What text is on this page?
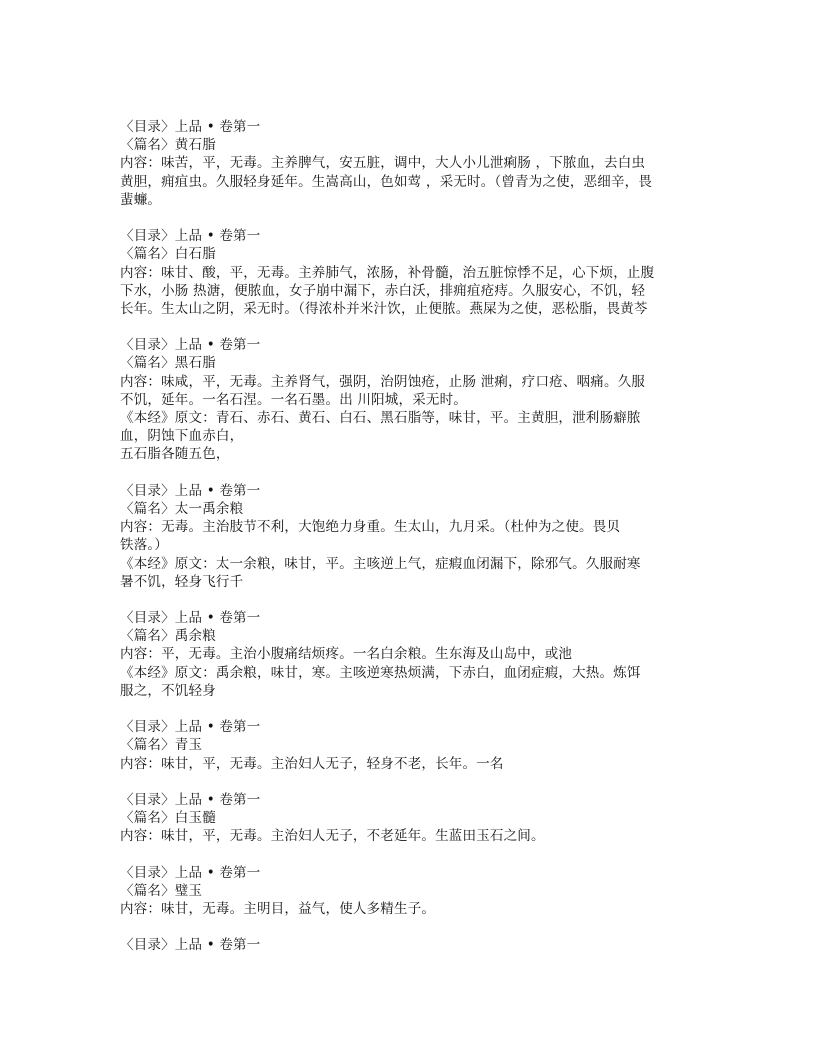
〈目录〉上品 • 卷第一
〈篇名〉黄石脂
内容：味苦，平，无毒。主养脾气，安五脏，调中，大人小儿泄痢肠 ，下脓血，去白虫
黄胆，痈疽虫。久服轻身延年。生嵩高山，色如莺 ，采无时。（曾青为之使，恶细辛，畏
蜚蠊。
〈目录〉上品 • 卷第一
〈篇名〉白石脂
内容：味甘、酸，平，无毒。主养肺气，浓肠，补骨髓，治五脏惊悸不足，心下烦，止腹
下水，小肠 热溏，便脓血，女子崩中漏下，赤白沃，排痈疽疮痔。久服安心，不饥，轻
长年。生太山之阴，采无时。（得浓朴并米汁饮，止便脓。燕屎为之使，恶松脂，畏黄芩
〈目录〉上品 • 卷第一
〈篇名〉黑石脂
内容：味咸，平，无毒。主养肾气，强阴，治阴蚀疮，止肠 泄痢，疗口疮、咽痛。久服
不饥，延年。一名石涅。一名石墨。出 川阳城，采无时。
《本经》原文：青石、赤石、黄石、白石、黑石脂等，味甘，平。主黄胆，泄利肠癖脓
血，阴蚀下血赤白，
五石脂各随五色，
〈目录〉上品 • 卷第一
〈篇名〉太一禹余粮
内容：无毒。主治肢节不利，大饱绝力身重。生太山，九月采。（杜仲为之使。畏贝
铁落。）
《本经》原文：太一余粮，味甘，平。主咳逆上气，症瘕血闭漏下，除邪气。久服耐寒
暑不饥，轻身飞行千
〈目录〉上品 • 卷第一
〈篇名〉禹余粮
内容：平，无毒。主治小腹痛结烦疼。一名白余粮。生东海及山岛中，或池
《本经》原文：禹余粮，味甘，寒。主咳逆寒热烦满，下赤白，血闭症瘕，大热。炼饵
服之，不饥轻身
〈目录〉上品 • 卷第一
〈篇名〉青玉
内容：味甘，平，无毒。主治妇人无子，轻身不老，长年。一名
〈目录〉上品 • 卷第一
〈篇名〉白玉髓
内容：味甘，平，无毒。主治妇人无子，不老延年。生蓝田玉石之间。
〈目录〉上品 • 卷第一
〈篇名〉璧玉
内容：味甘，无毒。主明目，益气，使人多精生子。
〈目录〉上品 • 卷第一
